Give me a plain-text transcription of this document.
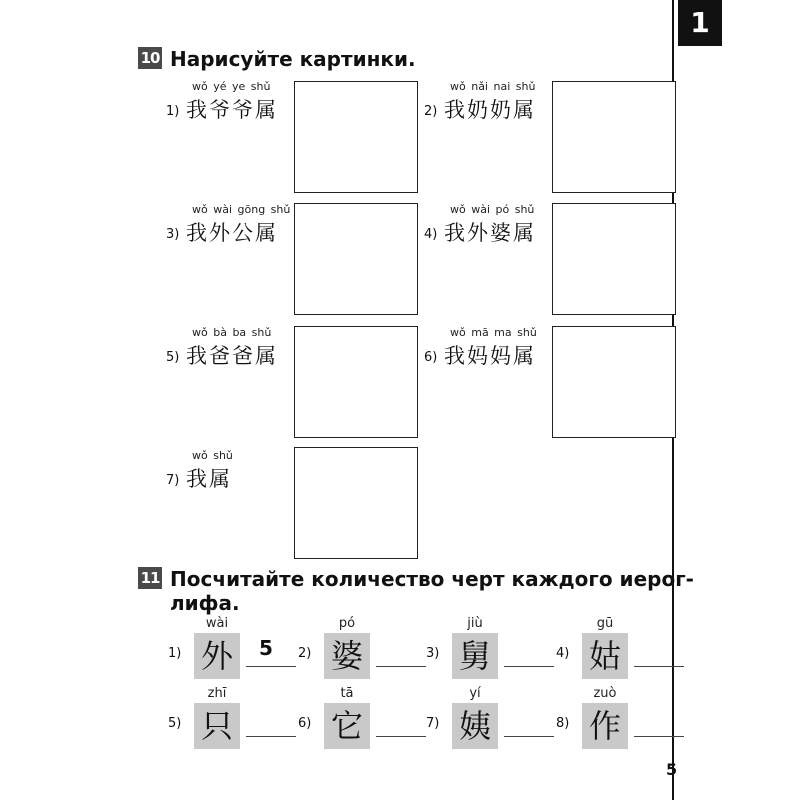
1
10 Нарисуйте картинки.
wǒ yé ye shǔ
1) 我爷爷属
wǒ nǎi nai shǔ
2) 我奶奶属
wǒ wài gōng shǔ
3) 我外公属
wǒ wài pó shǔ
4) 我外婆属
wǒ bà ba shǔ
5) 我爸爸属
wǒ mā ma shǔ
6) 我妈妈属
wǒ shǔ
7) 我属
11 Посчитайте количество черт каждого иерог-
лифа.
wài
1) 外	5
pó
2) 婆
jiù
3) 舅
gū
4) 姑
zhī
5) 只
tā
6) 它
yí
7) 姨
zuò
8) 作
5
